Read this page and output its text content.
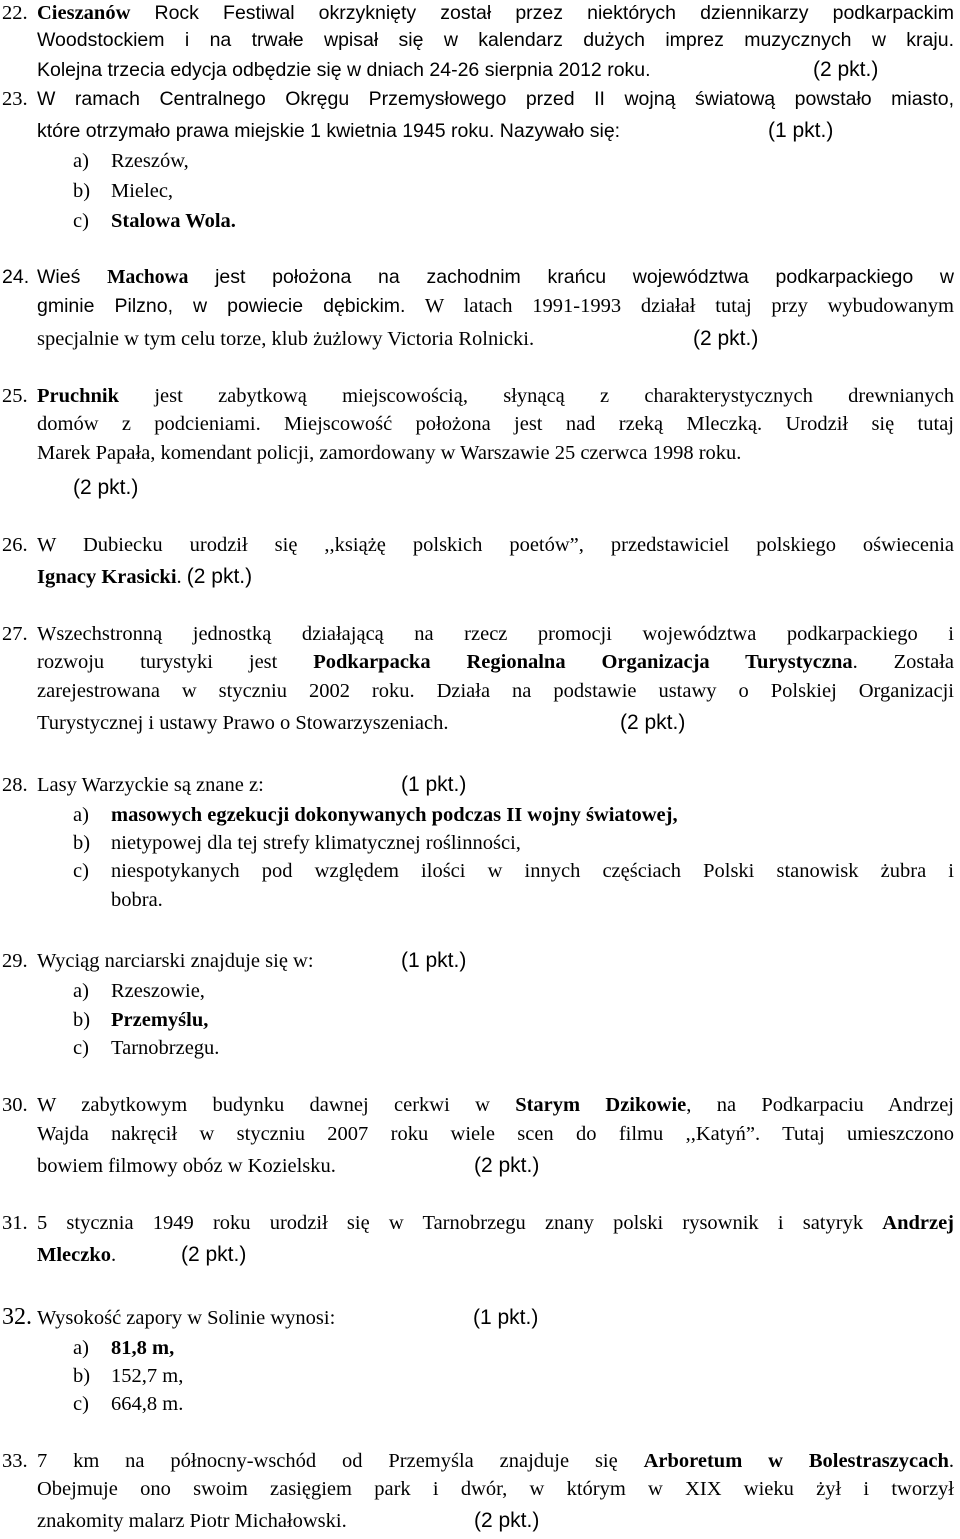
22. Cieszanów Rock Festiwal okrzyknięty został przez niektórych dziennikarzy podkarpackim
Woodstockiem i na trwałe wpisał się w kalendarz dużych imprez muzycznych w kraju.
Kolejna trzecia edycja odbędzie się w dniach 24-26 sierpnia 2012 roku.	(2 pkt.)
23. W ramach Centralnego Okręgu Przemysłowego przed II wojną światową powstało miasto,
które otrzymało prawa miejskie 1 kwietnia 1945 roku. Nazywało się:	(1 pkt.)
a) Rzeszów,
b) Mielec,
c) Stalowa Wola.
24. Wieś Machowa jest położona na zachodnim krańcu województwa podkarpackiego w
gminie Pilzno, w powiecie dębickim. W latach 1991-1993 działał tutaj przy wybudowanym
specjalnie w tym celu torze, klub żużlowy Victoria Rolnicki.	(2 pkt.)
25. Pruchnik jest zabytkową miejscowością, słynącą z charakterystycznych drewnianych
domów z podcieniami. Miejscowość położona jest nad rzeką Mleczką. Urodził się tutaj
Marek Papała, komendant policji, zamordowany w Warszawie 25 czerwca 1998 roku.
(2 pkt.)
26. W Dubiecku urodził się ,,książę polskich poetów”, przedstawiciel polskiego oświecenia
Ignacy Krasicki. (2 pkt.)
27. Wszechstronną jednostką działającą na rzecz promocji województwa podkarpackiego i
rozwoju turystyki jest Podkarpacka Regionalna Organizacja Turystyczna. Została
zarejestrowana w styczniu 2002 roku. Działa na podstawie ustawy o Polskiej Organizacji
Turystycznej i ustawy Prawo o Stowarzyszeniach.	(2 pkt.)
28. Lasy Warzyckie są znane z:	(1 pkt.)
a) masowych egzekucji dokonywanych podczas II wojny światowej,
b) nietypowej dla tej strefy klimatycznej roślinności,
c)	niespotykanych pod względem ilości w innych częściach Polski stanowisk żubra i
bobra.
29. Wyciąg narciarski znajduje się w:	(1 pkt.)
a) Rzeszowie,
b) Przemyślu,
c) Tarnobrzegu.
30. W zabytkowym budynku dawnej cerkwi w Starym Dzikowie, na Podkarpaciu Andrzej
Wajda nakręcił w styczniu 2007 roku wiele scen do filmu ,,Katyń”. Tutaj umieszczono
bowiem filmowy obóz w Kozielsku.	(2 pkt.)
31. 5 stycznia 1949 roku urodził się w Tarnobrzegu znany polski rysownik i satyryk Andrzej
Mleczko.	(2 pkt.)
32. Wysokość zapory w Solinie wynosi:	(1 pkt.)
a) 81,8 m,
b) 152,7 m,
c) 664,8 m.
33. 7 km na północny-wschód od Przemyśla znajduje się Arboretum w Bolestraszycach.
Obejmuje ono swoim zasięgiem park i dwór, w którym w XIX wieku żył i tworzył
znakomity malarz Piotr Michałowski.	(2 pkt.)
